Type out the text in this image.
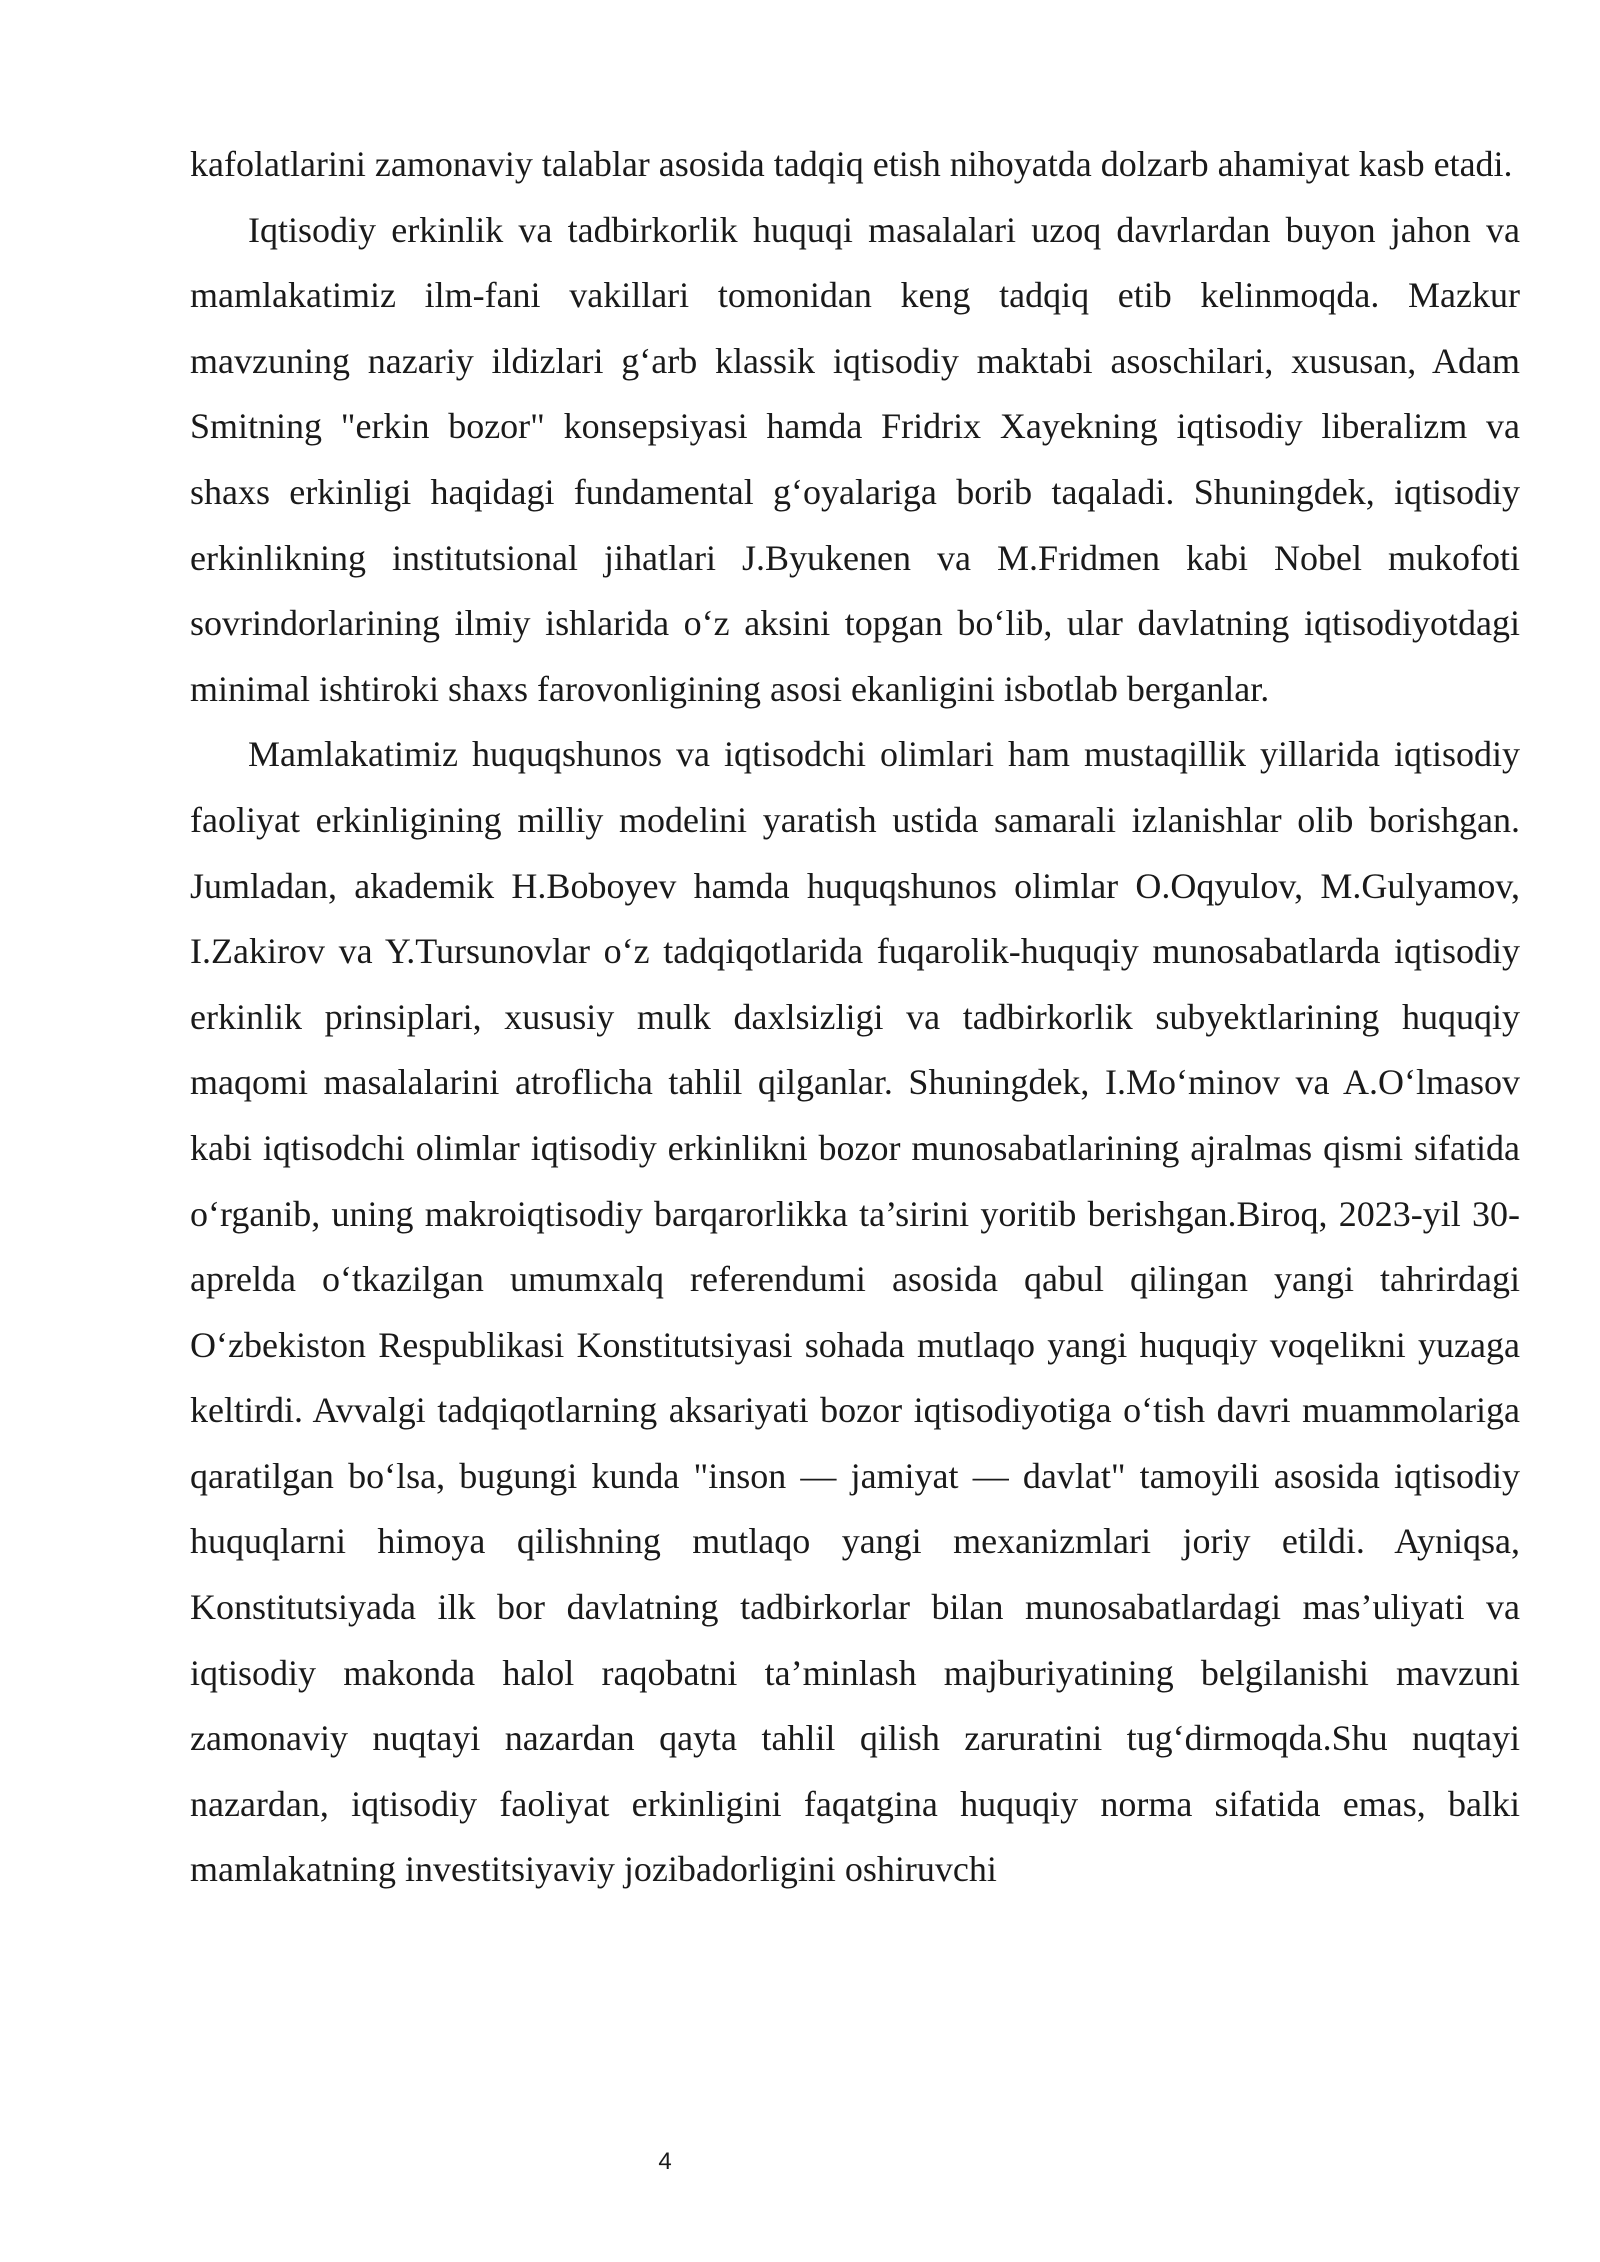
kafolatlarini zamonaviy talablar asosida tadqiq etish nihoyatda dolzarb ahamiyat kasb etadi.

Iqtisodiy erkinlik va tadbirkorlik huquqi masalalari uzoq davrlardan buyon jahon va mamlakatimiz ilm-fani vakillari tomonidan keng tadqiq etib kelinmoqda. Mazkur mavzuning nazariy ildizlari g‘arb klassik iqtisodiy maktabi asoschilari, xususan, Adam Smitning "erkin bozor" konsepsiyasi hamda Fridrix Xayekning iqtisodiy liberalizm va shaxs erkinligi haqidagi fundamental g‘oyalariga borib taqaladi. Shuningdek, iqtisodiy erkinlikning institutsional jihatlari J.Byukenen va M.Fridmen kabi Nobel mukofoti sovrindorlarining ilmiy ishlarida o‘z aksini topgan bo‘lib, ular davlatning iqtisodiyotdagi minimal ishtiroki shaxs farovonligining asosi ekanligini isbotlab berganlar.

Mamlakatimiz huquqshunos va iqtisodchi olimlari ham mustaqillik yillarida iqtisodiy faoliyat erkinligining milliy modelini yaratish ustida samarali izlanishlar olib borishgan. Jumladan, akademik H.Boboyev hamda huquqshunos olimlar O.Oqyulov, M.Gulyamov, I.Zakirov va Y.Tursunovlar o‘z tadqiqotlarida fuqarolik-huquqiy munosabatlarda iqtisodiy erkinlik prinsiplari, xususiy mulk daxlsizligi va tadbirkorlik subyektlarining huquqiy maqomi masalalarini atroflicha tahlil qilganlar. Shuningdek, I.Mo‘minov va A.O‘lmasov kabi iqtisodchi olimlar iqtisodiy erkinlikni bozor munosabatlarining ajralmas qismi sifatida o‘rganib, uning makroiqtisodiy barqarorlikka ta’sirini yoritib berishgan.Biroq, 2023-yil 30-aprelda o‘tkazilgan umumxalq referendumi asosida qabul qilingan yangi tahrirdagi O‘zbekiston Respublikasi Konstitutsiyasi sohada mutlaqo yangi huquqiy voqelikni yuzaga keltirdi. Avvalgi tadqiqotlarning aksariyati bozor iqtisodiyotiga o‘tish davri muammolariga qaratilgan bo‘lsa, bugungi kunda "inson — jamiyat — davlat" tamoyili asosida iqtisodiy huquqlarni himoya qilishning mutlaqo yangi mexanizmlari joriy etildi. Ayniqsa, Konstitutsiyada ilk bor davlatning tadbirkorlar bilan munosabatlardagi mas’uliyati va iqtisodiy makonda halol raqobatni ta’minlash majburiyatining belgilanishi mavzuni zamonaviy nuqtayi nazardan qayta tahlil qilish zaruratini tug‘dirmoqda.Shu nuqtayi nazardan, iqtisodiy faoliyat erkinligini faqatgina huquqiy norma sifatida emas, balki mamlakatning investitsiyaviy jozibadorligini oshiruvchi

4
